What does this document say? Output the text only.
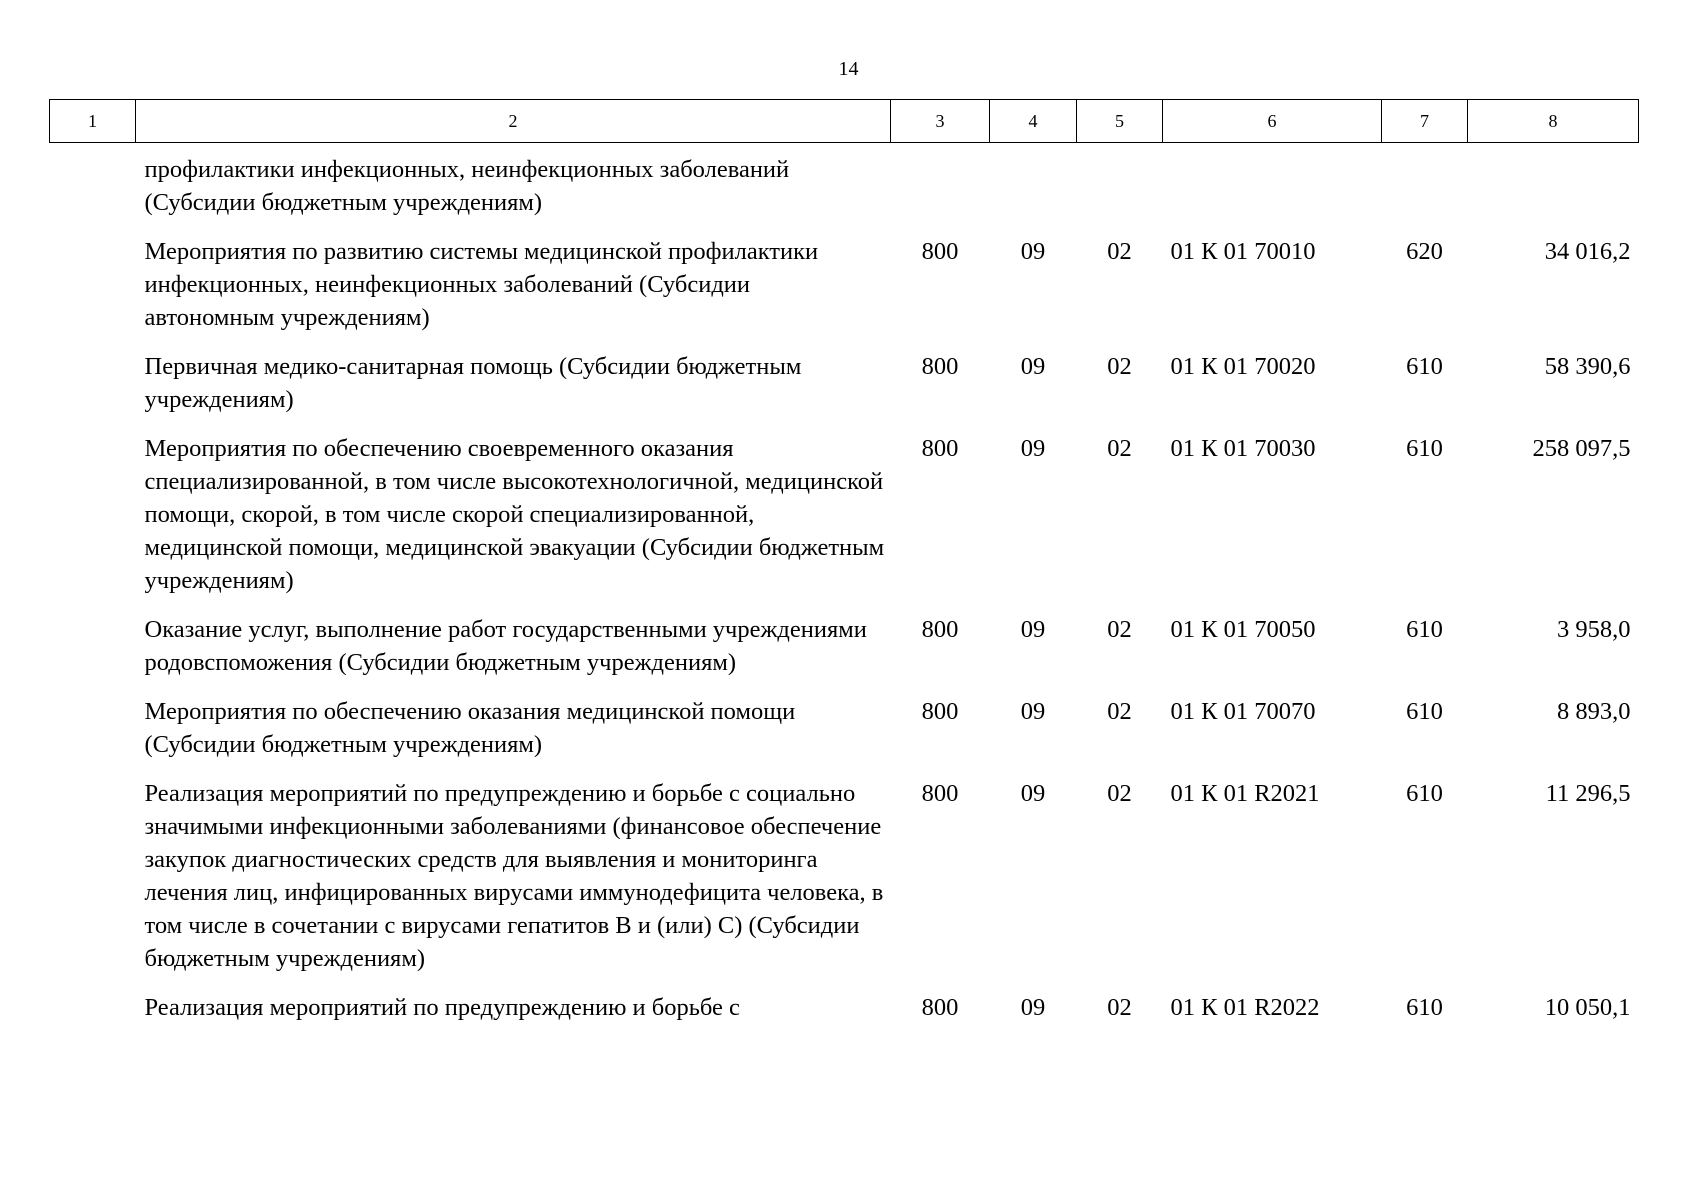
14
1	2	3	4	5	6	7	8
	профилактики инфекционных, неинфекционных заболеваний (Субсидии бюджетным учреждениям)						
	Мероприятия по развитию системы медицинской профилактики инфекционных, неинфекционных заболеваний (Субсидии автономным учреждениям)	800	09	02	01 К 01 70010	620	34 016,2
	Первичная медико-санитарная помощь (Субсидии бюджетным учреждениям)	800	09	02	01 К 01 70020	610	58 390,6
	Мероприятия по обеспечению своевременного оказания специализированной, в том числе высокотехнологичной, медицинской помощи, скорой, в том числе скорой специализированной, медицинской помощи, медицинской эвакуации (Субсидии бюджетным учреждениям)	800	09	02	01 К 01 70030	610	258 097,5
	Оказание услуг, выполнение работ государственными учреждениями родовспоможения (Субсидии бюджетным учреждениям)	800	09	02	01 К 01 70050	610	3 958,0
	Мероприятия по обеспечению оказания медицинской помощи (Субсидии бюджетным учреждениям)	800	09	02	01 К 01 70070	610	8 893,0
	Реализация мероприятий по предупреждению и борьбе с социально значимыми инфекционными заболеваниями (финансовое обеспечение закупок диагностических средств для выявления и мониторинга лечения лиц, инфицированных вирусами иммунодефицита человека, в том числе в сочетании с вирусами гепатитов В и (или) С) (Субсидии бюджетным учреждениям)	800	09	02	01 К 01 R2021	610	11 296,5
	Реализация мероприятий по предупреждению и борьбе с	800	09	02	01 К 01 R2022	610	10 050,1
